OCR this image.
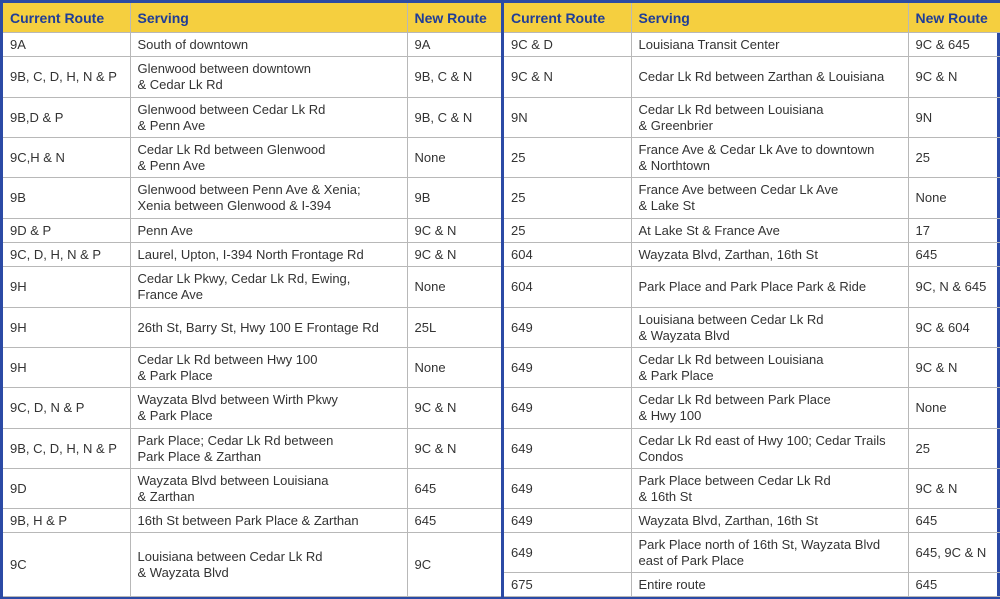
Current Route	Serving	New Route
9A	South of downtown	9A
9B, C, D, H, N & P	Glenwood between downtown
& Cedar Lk Rd	9B, C & N
9B,D & P	Glenwood between Cedar Lk Rd
& Penn Ave	9B, C & N
9C,H & N	Cedar Lk Rd between Glenwood
& Penn Ave	None
9B	Glenwood between Penn Ave & Xenia;
Xenia between Glenwood & I-394	9B
9D & P	Penn Ave	9C & N
9C, D, H, N & P	Laurel, Upton, I-394 North Frontage Rd	9C & N
9H	Cedar Lk Pkwy, Cedar Lk Rd, Ewing,
France Ave	None
9H	26th St, Barry St, Hwy 100 E Frontage Rd	25L
9H	Cedar Lk Rd between Hwy 100
& Park Place	None
9C, D, N & P	Wayzata Blvd between Wirth Pkwy
& Park Place	9C & N
9B, C, D, H, N & P	Park Place; Cedar Lk Rd between
Park Place & Zarthan	9C & N
9D	Wayzata Blvd between Louisiana
& Zarthan	645
9B, H & P	16th St between Park Place & Zarthan	645
9C	Louisiana between Cedar Lk Rd
& Wayzata Blvd	9C
Current Route	Serving	New Route
9C & D	Louisiana Transit Center	9C & 645
9C & N	Cedar Lk Rd between Zarthan & Louisiana	9C & N
9N	Cedar Lk Rd between Louisiana
& Greenbrier	9N
25	France Ave & Cedar Lk Ave to downtown
& Northtown	25
25	France Ave between Cedar Lk Ave
& Lake St	None
25	At Lake St & France Ave	17
604	Wayzata Blvd, Zarthan, 16th St	645
604	Park Place and Park Place Park & Ride	9C, N & 645
649	Louisiana between Cedar Lk Rd
& Wayzata Blvd	9C & 604
649	Cedar Lk Rd between Louisiana
& Park Place	9C & N
649	Cedar Lk Rd between Park Place
& Hwy 100	None
649	Cedar Lk Rd east of Hwy 100; Cedar Trails
Condos	25
649	Park Place between Cedar Lk Rd
& 16th St	9C & N
649	Wayzata Blvd, Zarthan, 16th St	645
649	Park Place north of 16th St, Wayzata Blvd
east of Park Place	645, 9C & N
675	Entire route	645
